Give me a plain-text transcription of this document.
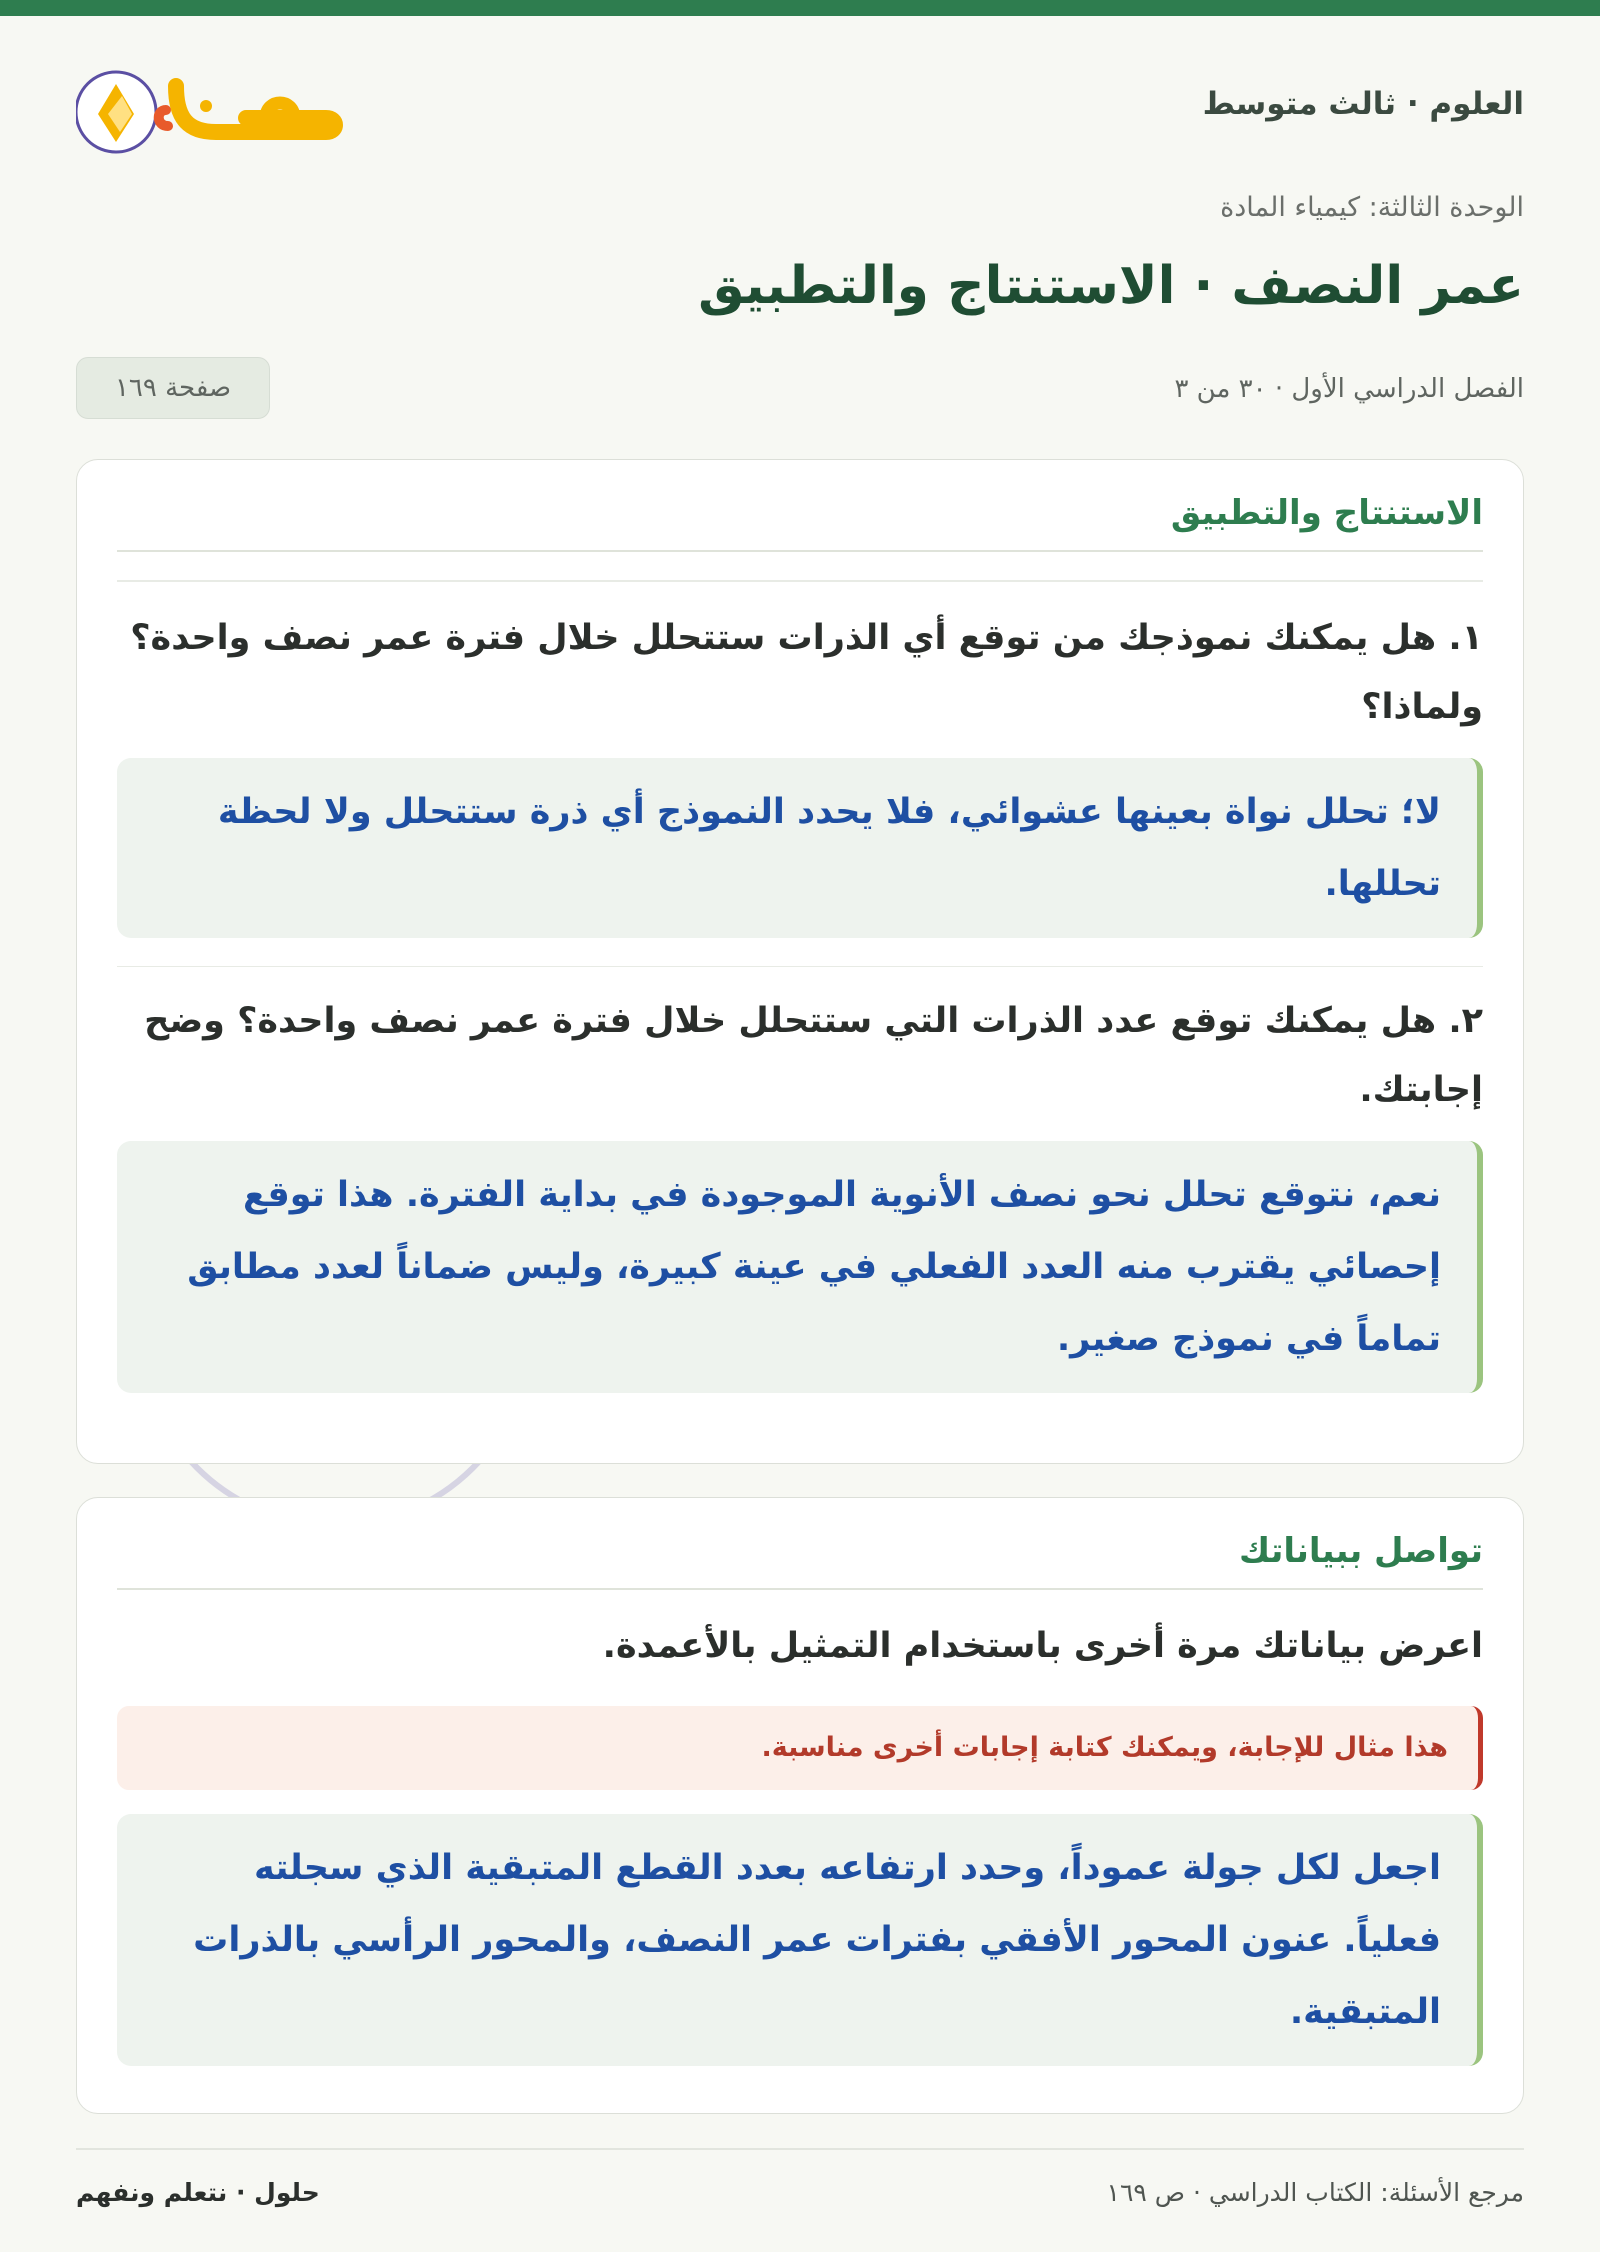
العلوم · ثالث متوسط
الوحدة الثالثة: كيمياء المادة
عمر النصف · الاستنتاج والتطبيق
الفصل الدراسي الأول · ٣٠ من ٣
صفحة ١٦٩
الاستنتاج والتطبيق
١. هل يمكنك نموذجك من توقع أي الذرات ستتحلل خلال فترة عمر نصف واحدة؟ ولماذا؟
لا؛ تحلل نواة بعينها عشوائي، فلا يحدد النموذج أي ذرة ستتحلل ولا لحظة تحللها.
٢. هل يمكنك توقع عدد الذرات التي ستتحلل خلال فترة عمر نصف واحدة؟ وضح إجابتك.
نعم، نتوقع تحلل نحو نصف الأنوية الموجودة في بداية الفترة. هذا توقع إحصائي يقترب منه العدد الفعلي في عينة كبيرة، وليس ضماناً لعدد مطابق تماماً في نموذج صغير.
تواصل ببياناتك
اعرض بياناتك مرة أخرى باستخدام التمثيل بالأعمدة.
هذا مثال للإجابة، ويمكنك كتابة إجابات أخرى مناسبة.
اجعل لكل جولة عموداً، وحدد ارتفاعه بعدد القطع المتبقية الذي سجلته فعلياً. عنون المحور الأفقي بفترات عمر النصف، والمحور الرأسي بالذرات المتبقية.
حلول · نتعلم ونفهم	مرجع الأسئلة: الكتاب الدراسي · ص ١٦٩
